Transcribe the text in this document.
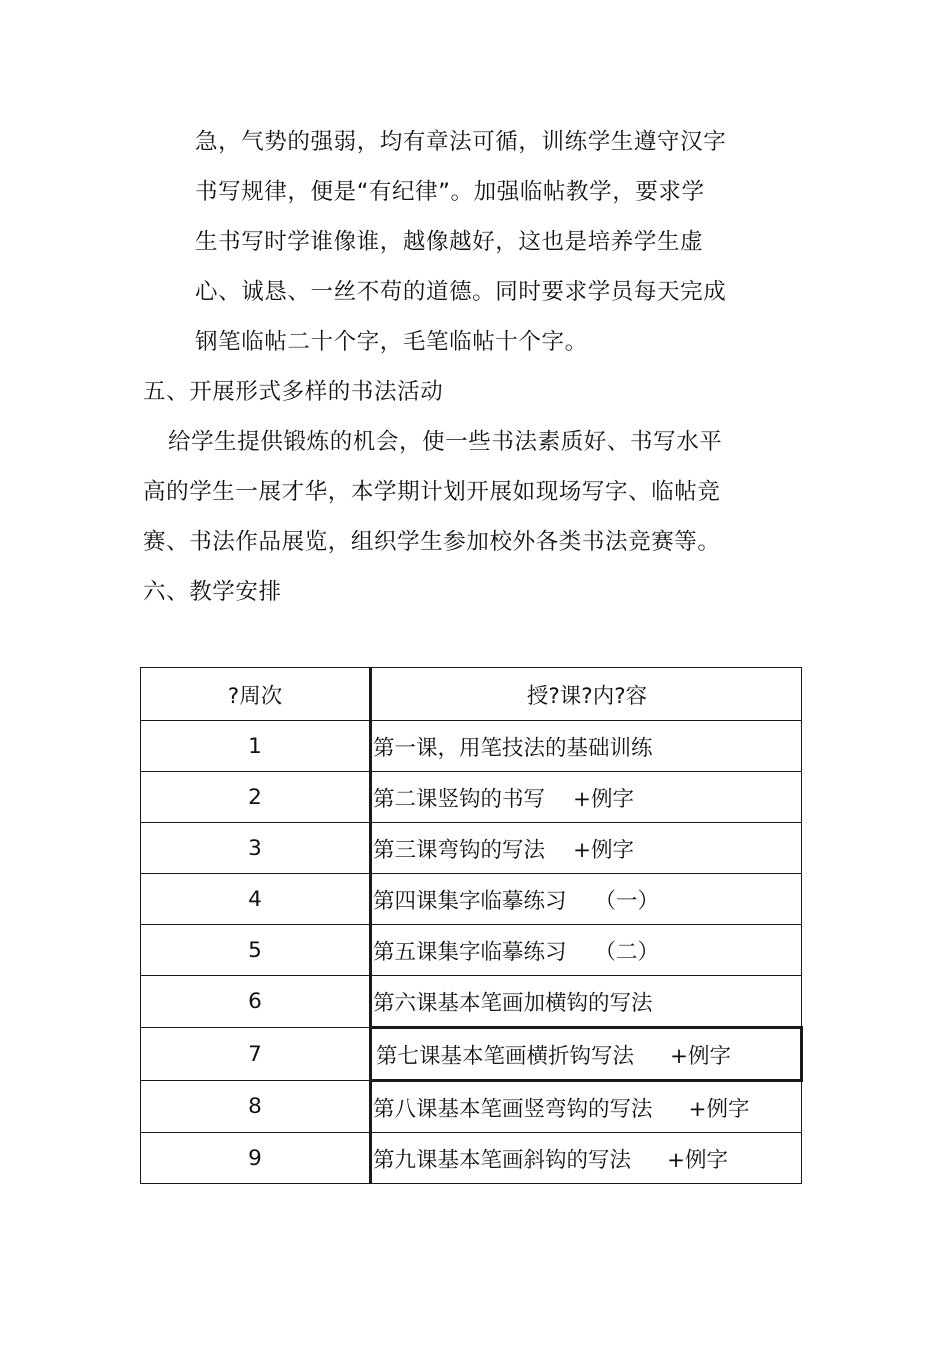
急，气势的强弱，均有章法可循，训练学生遵守汉字
书写规律，便是“有纪律”。加强临帖教学，要求学
生书写时学谁像谁，越像越好，这也是培养学生虚
心、诚恳、一丝不苟的道德。同时要求学员每天完成
钢笔临帖二十个字，毛笔临帖十个字。
五、开展形式多样的书法活动
给学生提供锻炼的机会，使一些书法素质好、书写水平
高的学生一展才华，本学期计划开展如现场写字、临帖竞
赛、书法作品展览，组织学生参加校外各类书法竞赛等。
六、教学安排
?周次	授?课?内?容
1	第一课，用笔技法的基础训练
2	第二课竖钩的书写 +例字
3	第三课弯钩的写法 +例字
4	第四课集字临摹练习 （一）
5	第五课集字临摹练习 （二）
6	第六课基本笔画加横钩的写法
7	第七课基本笔画横折钩写法 +例字
8	第八课基本笔画竖弯钩的写法 +例字
9	第九课基本笔画斜钩的写法 +例字
